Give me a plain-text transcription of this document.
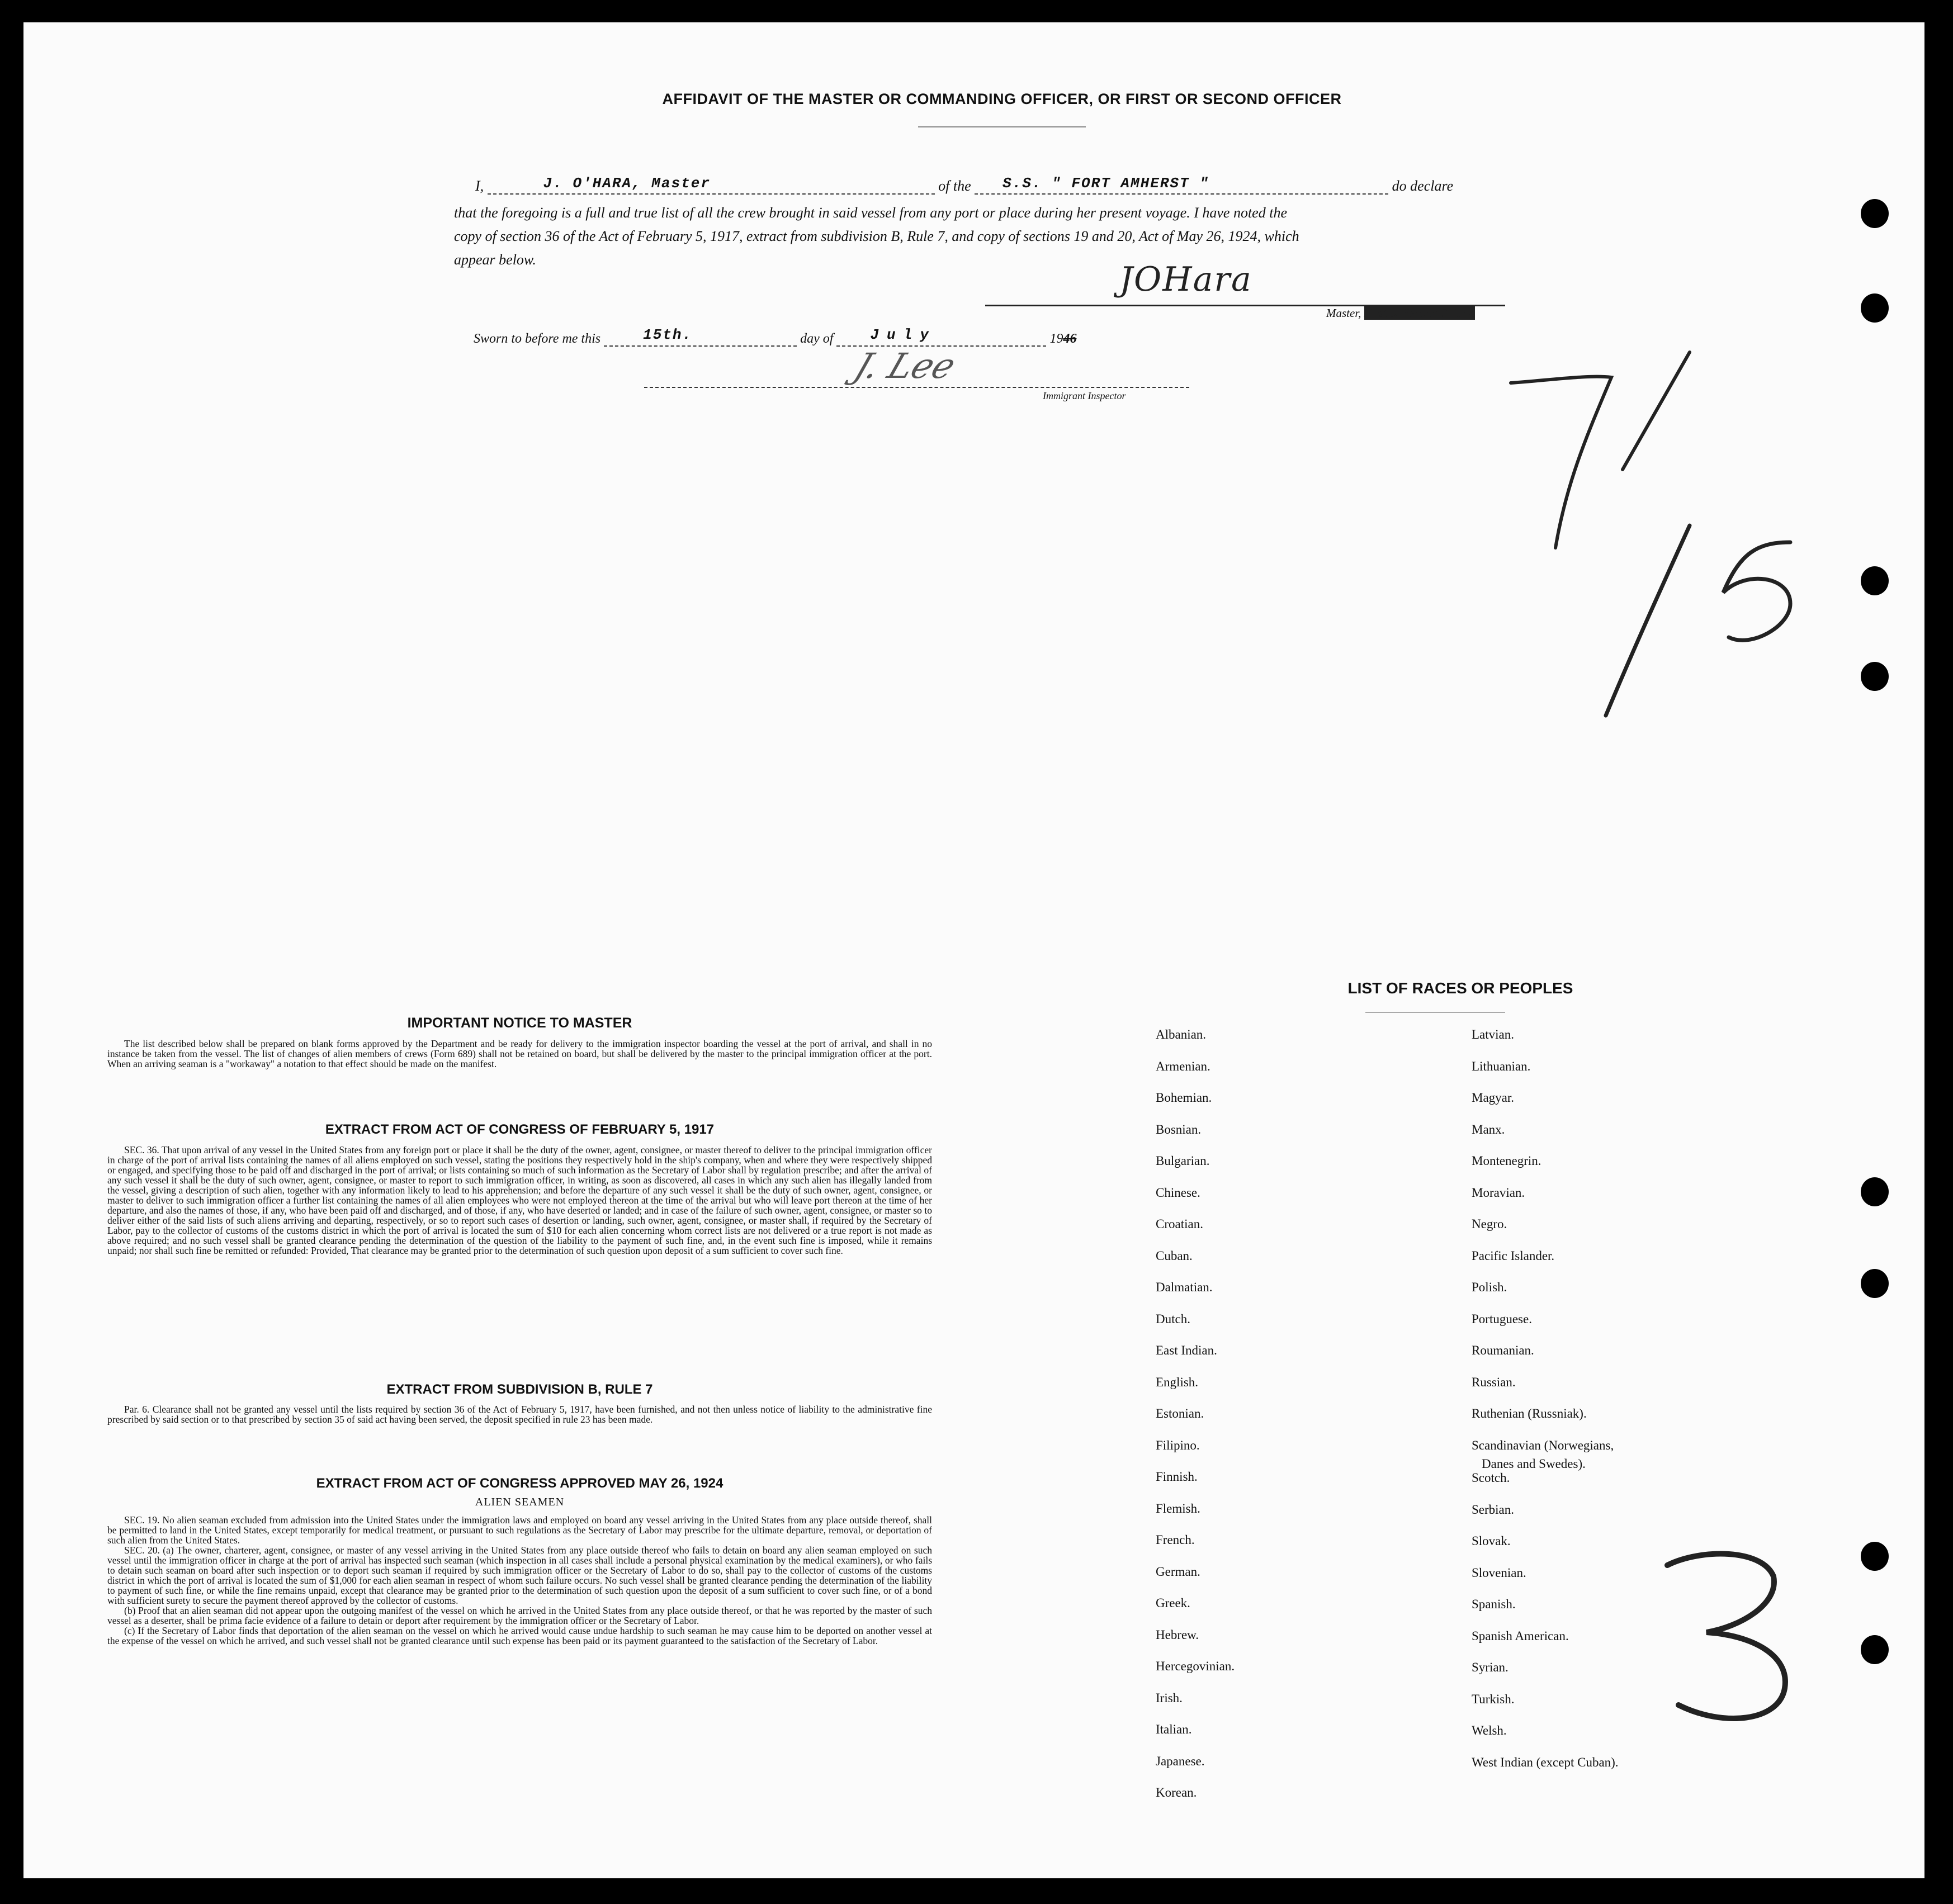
AFFIDAVIT OF THE MASTER OR COMMANDING OFFICER, OR FIRST OR SECOND OFFICER
I,	J. O'HARA, Master	of the S.S. " FORT AMHERST "	do declare
that the foregoing is a full and true list of all the crew brought in said vessel from any port or place during her present voyage. I have noted the
copy of section 36 of the Act of February 5, 1917, extract from subdivision B, Rule 7, and copy of sections 19 and 20, Act of May 26, 1924, which
appear below.
JOHara
Master, First or Second Officer.
Sworn to before me this	15th.	day of	July	1946
J. Lee
Immigrant Inspector
IMPORTANT NOTICE TO MASTER
The list described below shall be prepared on blank forms approved by the Department and be ready for delivery to the immigration inspector boarding the vessel at the port of arrival, and shall in no instance be taken from the vessel. The list of changes of alien members of crews (Form 689) shall not be retained on board, but shall be delivered by the master to the principal immigration officer at the port. When an arriving seaman is a "workaway" a notation to that effect should be made on the manifest.
EXTRACT FROM ACT OF CONGRESS OF FEBRUARY 5, 1917
SEC. 36. That upon arrival of any vessel in the United States from any foreign port or place it shall be the duty of the owner, agent, consignee, or master thereof to deliver to the principal immigration officer in charge of the port of arrival lists containing the names of all aliens employed on such vessel, stating the positions they respectively hold in the ship's company, when and where they were respectively shipped or engaged, and specifying those to be paid off and discharged in the port of arrival; or lists containing so much of such information as the Secretary of Labor shall by regulation prescribe; and after the arrival of any such vessel it shall be the duty of such owner, agent, consignee, or master to report to such immigration officer, in writing, as soon as discovered, all cases in which any such alien has illegally landed from the vessel, giving a description of such alien, together with any information likely to lead to his apprehension; and before the departure of any such vessel it shall be the duty of such owner, agent, consignee, or master to deliver to such immigration officer a further list containing the names of all alien employees who were not employed thereon at the time of the arrival but who will leave port thereon at the time of her departure, and also the names of those, if any, who have been paid off and discharged, and of those, if any, who have deserted or landed; and in case of the failure of such owner, agent, consignee, or master so to deliver either of the said lists of such aliens arriving and departing, respectively, or so to report such cases of desertion or landing, such owner, agent, consignee, or master shall, if required by the Secretary of Labor, pay to the collector of customs of the customs district in which the port of arrival is located the sum of $10 for each alien concerning whom correct lists are not delivered or a true report is not made as above required; and no such vessel shall be granted clearance pending the determination of the question of the liability to the payment of such fine, and, in the event such fine is imposed, while it remains unpaid; nor shall such fine be remitted or refunded: Provided, That clearance may be granted prior to the determination of such question upon deposit of a sum sufficient to cover such fine.
EXTRACT FROM SUBDIVISION B, RULE 7
Par. 6. Clearance shall not be granted any vessel until the lists required by section 36 of the Act of February 5, 1917, have been furnished, and not then unless notice of liability to the administrative fine prescribed by said section or to that prescribed by section 35 of said act having been served, the deposit specified in rule 23 has been made.
EXTRACT FROM ACT OF CONGRESS APPROVED MAY 26, 1924
ALIEN SEAMEN
SEC. 19. No alien seaman excluded from admission into the United States under the immigration laws and employed on board any vessel arriving in the United States from any place outside thereof, shall be permitted to land in the United States, except temporarily for medical treatment, or pursuant to such regulations as the Secretary of Labor may prescribe for the ultimate departure, removal, or deportation of such alien from the United States.
SEC. 20. (a) The owner, charterer, agent, consignee, or master of any vessel arriving in the United States from any place outside thereof who fails to detain on board any alien seaman employed on such vessel until the immigration officer in charge at the port of arrival has inspected such seaman (which inspection in all cases shall include a personal physical examination by the medical examiners), or who fails to detain such seaman on board after such inspection or to deport such seaman if required by such immigration officer or the Secretary of Labor to do so, shall pay to the collector of customs of the customs district in which the port of arrival is located the sum of $1,000 for each alien seaman in respect of whom such failure occurs. No such vessel shall be granted clearance pending the determination of the liability to payment of such fine, or while the fine remains unpaid, except that clearance may be granted prior to the determination of such question upon the deposit of a sum sufficient to cover such fine, or of a bond with sufficient surety to secure the payment thereof approved by the collector of customs.
(b) Proof that an alien seaman did not appear upon the outgoing manifest of the vessel on which he arrived in the United States from any place outside thereof, or that he was reported by the master of such vessel as a deserter, shall be prima facie evidence of a failure to detain or deport after requirement by the immigration officer or the Secretary of Labor.
(c) If the Secretary of Labor finds that deportation of the alien seaman on the vessel on which he arrived would cause undue hardship to such seaman he may cause him to be deported on another vessel at the expense of the vessel on which he arrived, and such vessel shall not be granted clearance until such expense has been paid or its payment guaranteed to the satisfaction of the Secretary of Labor.
LIST OF RACES OR PEOPLES
Albanian.
Armenian.
Bohemian.
Bosnian.
Bulgarian.
Chinese.
Croatian.
Cuban.
Dalmatian.
Dutch.
East Indian.
English.
Estonian.
Filipino.
Finnish.
Flemish.
French.
German.
Greek.
Hebrew.
Hercegovinian.
Irish.
Italian.
Japanese.
Korean.
Latvian.
Lithuanian.
Magyar.
Manx.
Montenegrin.
Moravian.
Negro.
Pacific Islander.
Polish.
Portuguese.
Roumanian.
Russian.
Ruthenian (Russniak).
Scandinavian (Norwegians,
Scotch.
Serbian.
Slovak.
Slovenian.
Spanish.
Spanish American.
Syrian.
Turkish.
Welsh.
West Indian (except Cuban).
Danes and Swedes).
